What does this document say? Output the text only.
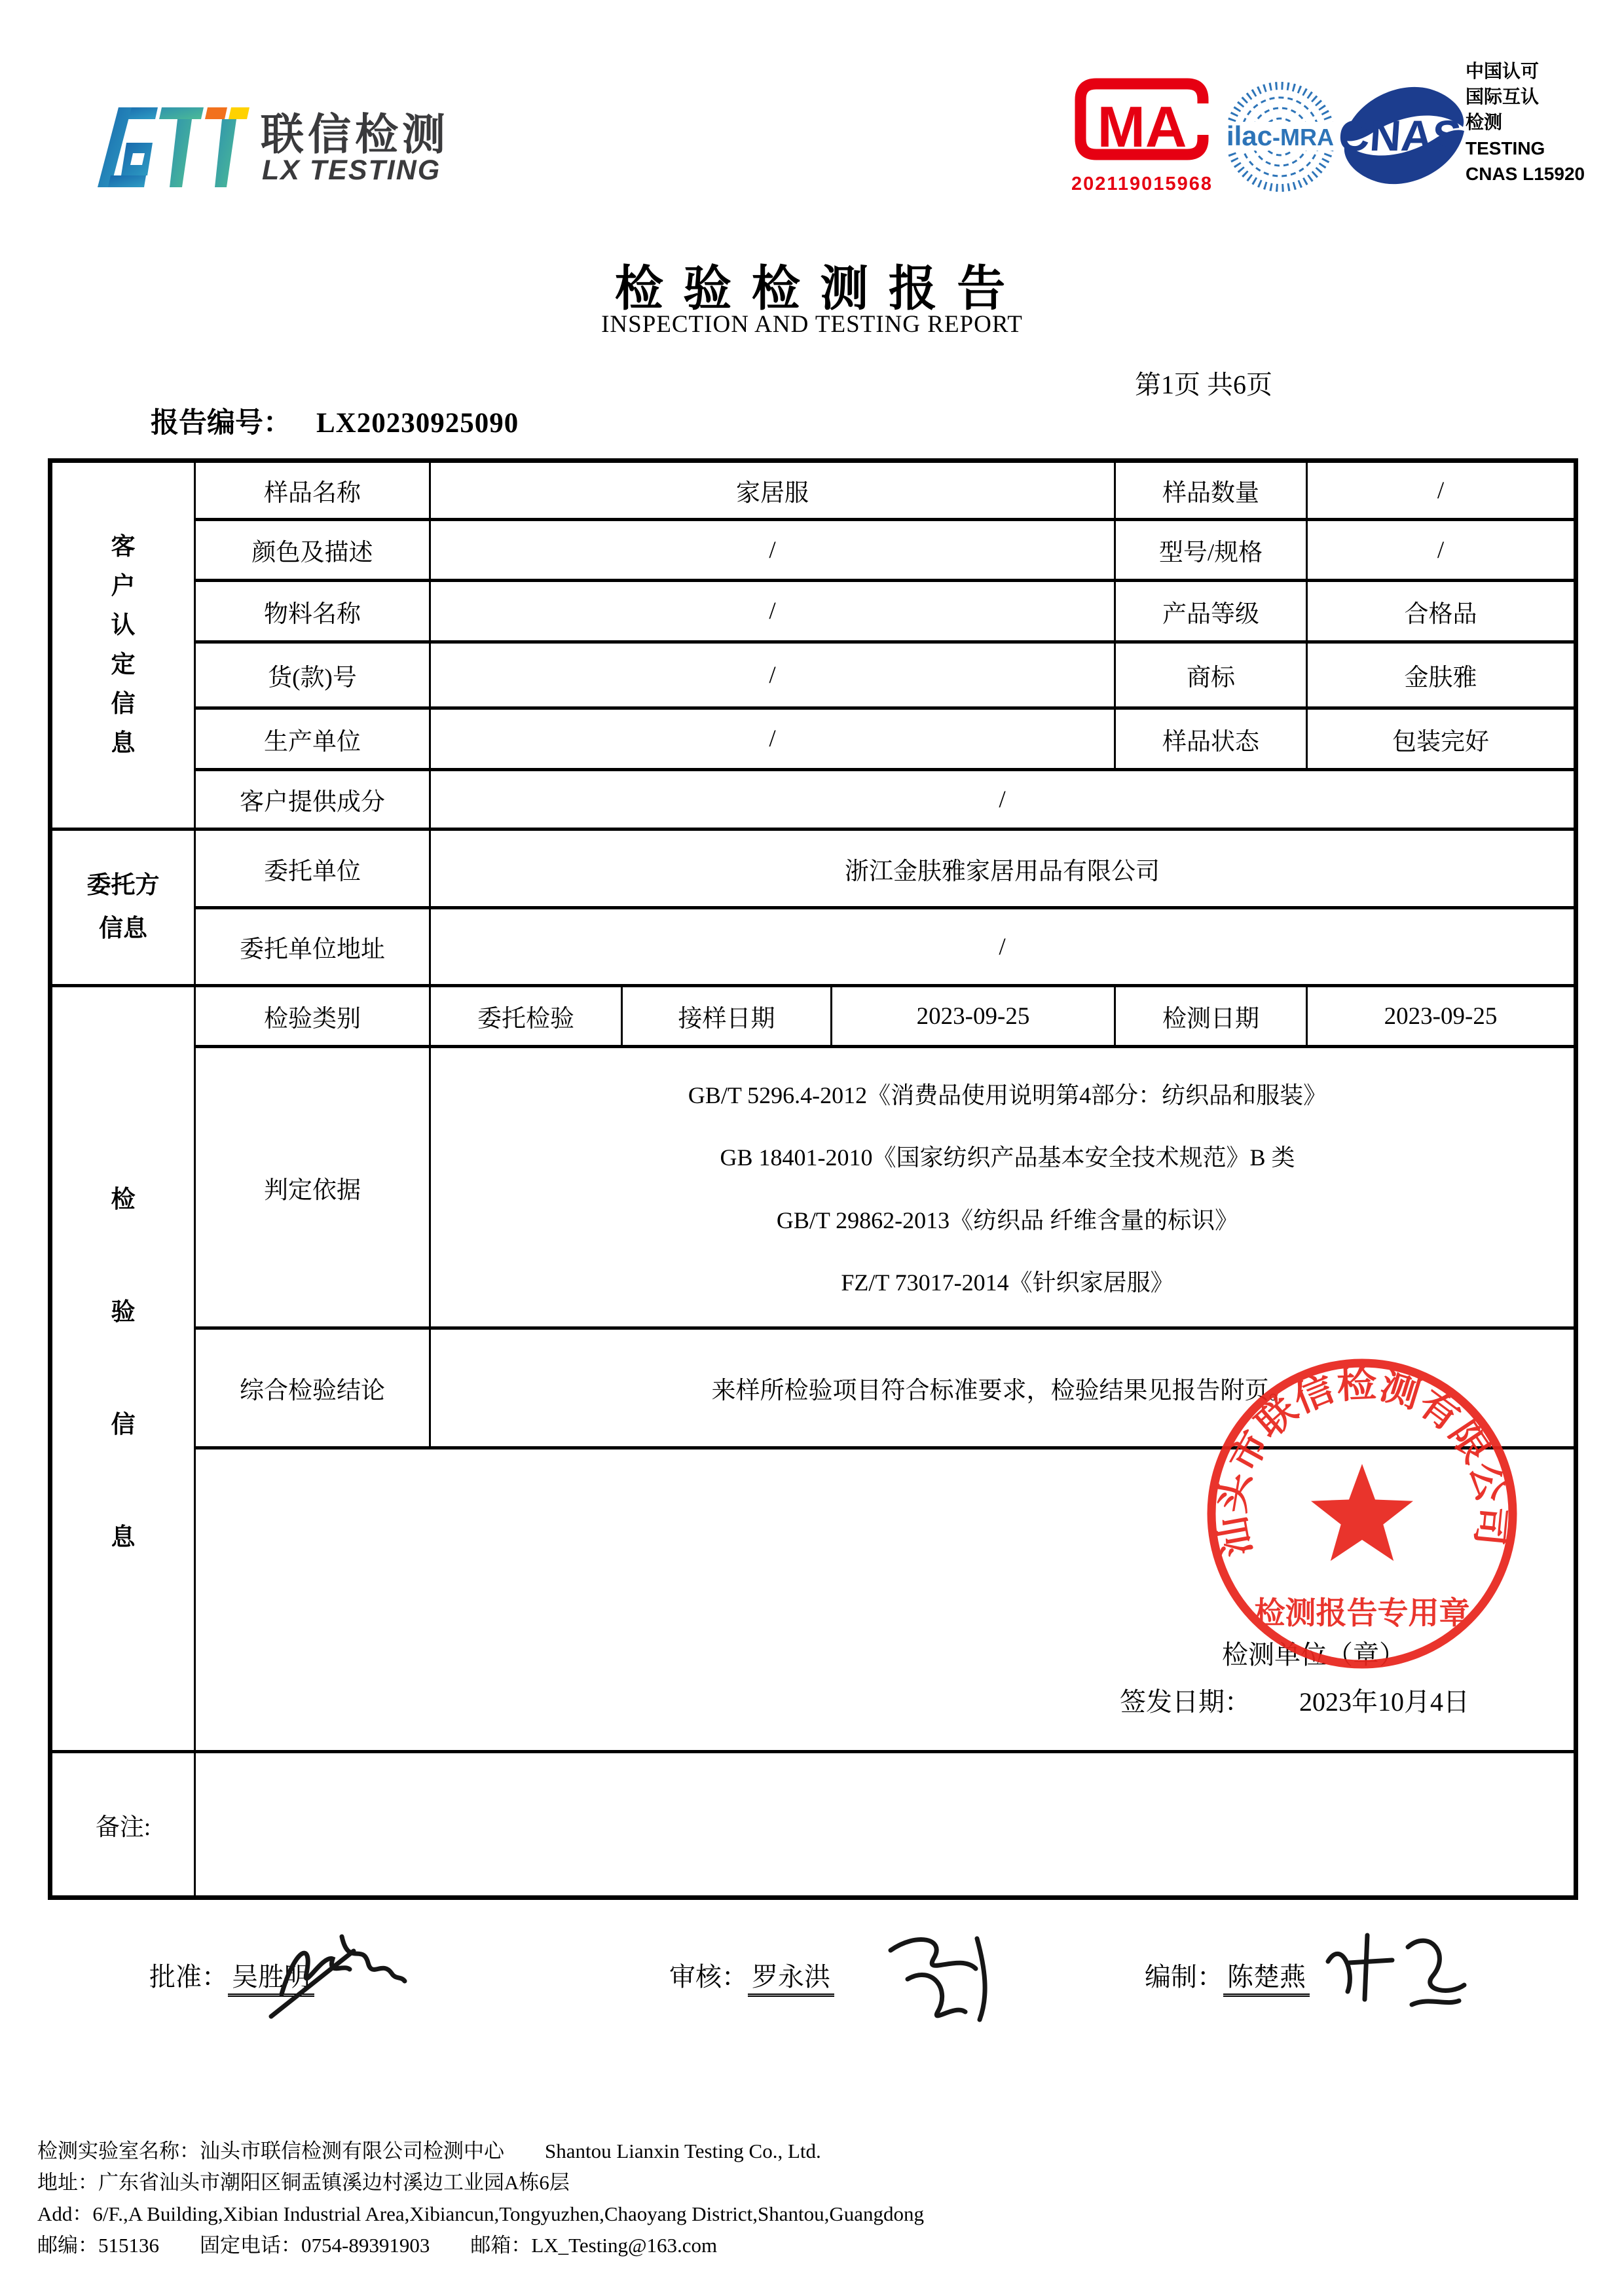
联信检测
LX TESTING
MA
202119015968
ilac-MRA CNAS
中国认可
国际互认
检测
TESTING
CNAS L15920
检 验 检 测 报 告
INSPECTION AND TESTING REPORT
第1页 共6页
报告编号： LX20230925090
客户认定信息	样品名称	家居服			样品数量	/
	颜色及描述	/			型号/规格	/
	物料名称	/			产品等级	合格品
	货(款)号	/			商标	金肤雅
	生产单位	/			样品状态	包装完好
	客户提供成分	/				

委托方信息	委托单位	浙江金肤雅家居用品有限公司				
	委托单位地址	/				

检验信息	检验类别	委托检验	接样日期	2023-09-25	检测日期	2023-09-25
	判定依据	GB/T 5296.4-2012《消费品使用说明第4部分：纺织品和服装》
GB 18401-2010《国家纺织产品基本安全技术规范》B 类
GB/T 29862-2013《纺织品 纤维含量的标识》
FZ/T 73017-2014《针织家居服》				

	综合检验结论	来样所检验项目符合标准要求，检验结果见报告附页。				

备注:						
检测单位（章）
签发日期： 2023年10月4日
汕头市联信检测有限公司
检测报告专用章
批准： 吴胜明	审核： 罗永洪	编制： 陈楚燕
检测实验室名称：汕头市联信检测有限公司检测中心　　Shantou Lianxin Testing Co., Ltd.
地址：广东省汕头市潮阳区铜盂镇溪边村溪边工业园A栋6层
Add：6/F.,A Building,Xibian Industrial Area,Xibiancun,Tongyuzhen,Chaoyang District,Shantou,Guangdong
邮编：515136　　固定电话：0754-89391903　　邮箱：LX_Testing@163.com
